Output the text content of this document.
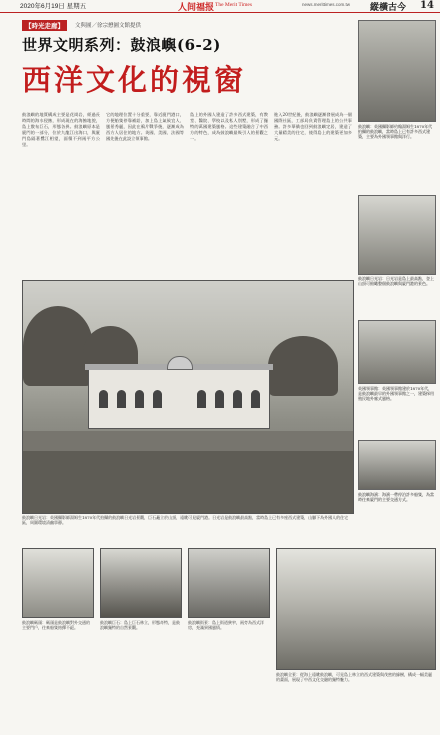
2020年6月19日 星期五	人间福报 The Merit Times	news.merittimes.com.tw 縱橫古今 14
【時光走廊】	文與圖／徐宗懋圖文館提供
世界文明系列：鼓浪嶼(6-2)
西洋文化的視窗
鼓浪嶼的地質構成主要是花崗岩，經過長時間的海水侵蝕，形成現在的海蝕地貌，島上散布巨石，形態各異。鼓浪嶼原本是廈門的一部分，位於九龍江出海口，與廈門島隔著鷺江相望，面積不到兩平方公里。
它的地理位置十分重要，靠近廈門港口，方便船隻停靠補給，加上島上氣候宜人、風景秀麗，因此在鴉片戰爭後，逐漸成為西方人居住的地方。英國、美國、法國等國先後在此設立領事館。
島上的外國人建造了許多西式建築，有教堂、醫院、學校以及私人別墅，形成了獨特的萬國建築風格。這些建築融合了中西方的特色，成為鼓浪嶼最吸引人的景觀之一。
進入20世紀後，鼓浪嶼逐漸發展成為一個國際社區，工部局負責管理島上的公共事務。許多華僑也回到鼓浪嶼定居，建造了大量精美的住宅，使得島上的建築更加多元。
鼓浪嶼：英國攝影師約翰湯姆生1870年代拍攝的鼓浪嶼，當時島上已有許多西式建築，主要為外國領事館與洋行。
鼓浪嶼日光岩：日光岩是島上最高點，登上山頂可俯瞰整個鼓浪嶼與廈門港的景色。
英國領事館：英國領事館建於1870年代，是鼓浪嶼最早的外國領事館之一，建築採用殖民地外廊式風格。
鼓浪嶼海濱：海濱一帶停泊許多船隻，為當時往來廈門的主要交通方式。
鼓浪嶼日光岩：英國攝影師湯姆生1870年代拍攝的鼓浪嶼日光岩景觀，巨石矗立於山頂，遠眺可見廈門港。日光岩是鼓浪嶼最高點，當時島上已有多座西式建築，山腳下為外國人的住宅區，周圍環境清幽寧靜。
鼓浪嶼碼頭：碼頭是鼓浪嶼對外交通的主要門戶，往來船隻絡繹不絕。
鼓浪嶼巨石：島上巨石林立，形態奇特，是鼓浪嶼獨特的自然景觀。
鼓浪嶼街景：島上街道狹窄，兩旁為西式洋房，充滿異國風情。
鼓浪嶼全景：從海上遠眺鼓浪嶼，可見島上林立的西式建築與茂密的綠樹，構成一幅美麗的畫面，展現了中西文化交融的獨特魅力。
